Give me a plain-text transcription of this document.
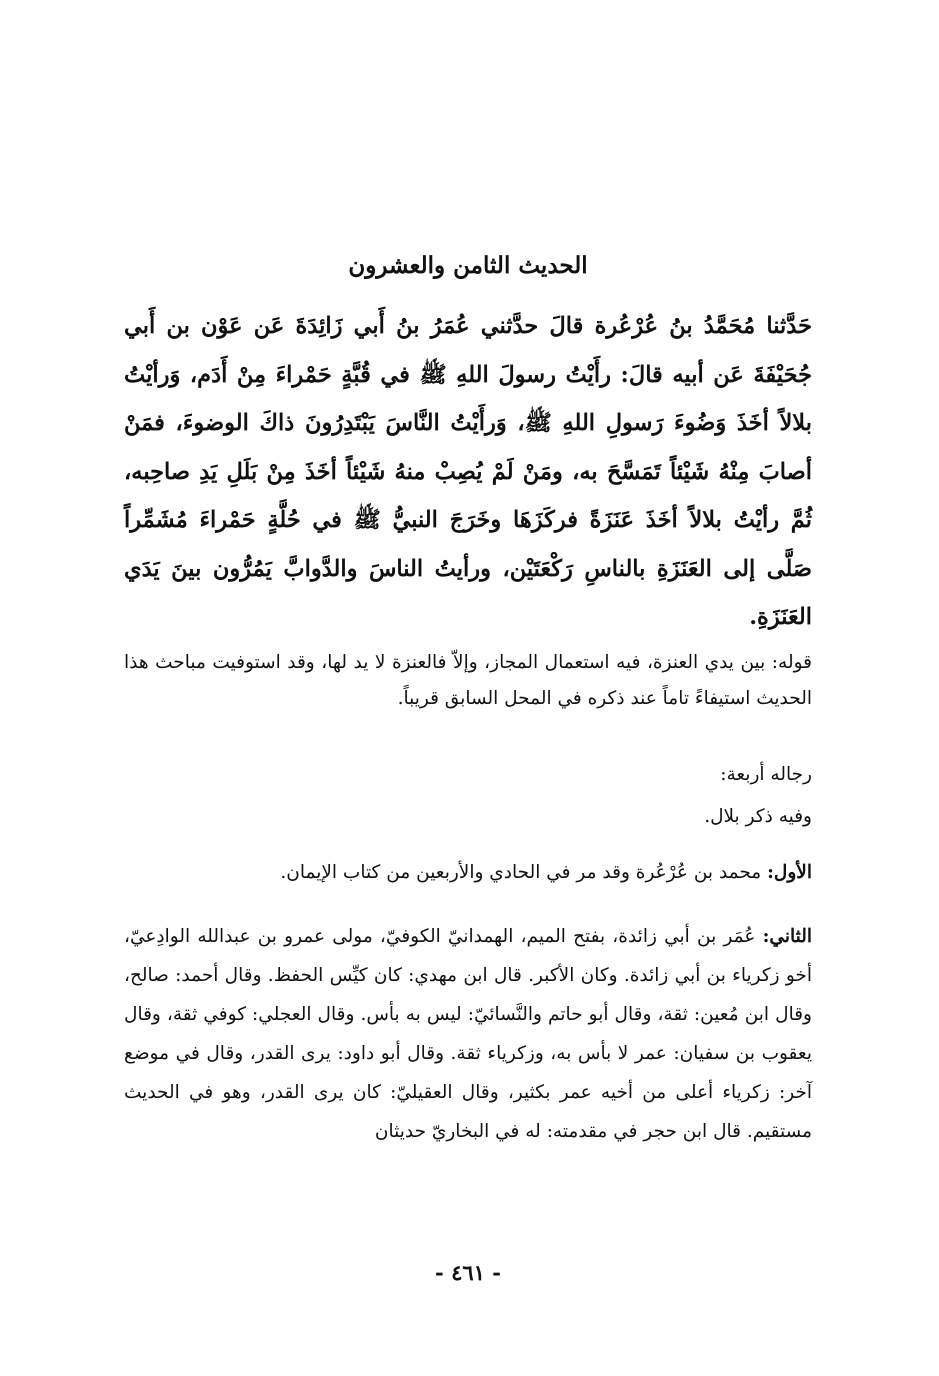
الحديث الثامن والعشرون
حَدَّثنا مُحَمَّدُ بنُ عُرْعُرة قالَ حدَّثني عُمَرُ بنُ أَبي زَائِدَةَ عَن عَوْن بن أَبي جُحَيْفَةَ عَن أبيه قالَ: رأَيْتُ رسولَ اللهِ ﷺ في قُبَّةٍ حَمْراءَ مِنْ أَدَم، وَرأيْتُ بلالاً أخَذَ وَضُوءَ رَسولِ اللهِ ﷺ، وَرأَيْتُ النَّاسَ يَبْتَدِرُونَ ذاكَ الوضوءَ، فمَنْ أصابَ مِنْهُ شَيْئاً تَمَسَّحَ به، ومَنْ لَمْ يُصِبْ منهُ شَيْئاً أخَذَ مِنْ بَلَلِ يَدِ صاحِبه، ثُمَّ رأيْتُ بلالاً أخَذَ عَنَزَةً فركَزَهَا وخَرَجَ النبيُّ ﷺ في حُلَّةٍ حَمْراءَ مُشَمِّراً صَلَّى إلى العَنَزَةِ بالناسِ رَكْعَتَيْن، ورأيتُ الناسَ والدَّوابَّ يَمُرُّون بينَ يَدَي العَنَزَةِ.
قوله: بين يدي العنزة، فيه استعمال المجاز، وإلاّ فالعنزة لا يد لها، وقد استوفيت مباحث هذا الحديث استيفاءً تاماً عند ذكره في المحل السابق قريباً.
رجاله أربعة:
وفيه ذكر بلال.
الأول: محمد بن عُرْعُرة وقد مر في الحادي والأربعين من كتاب الإيمان.
الثاني: عُمَر بن أبي زائدة، بفتح الميم، الهمدانيّ الكوفيّ، مولى عمرو بن عبدالله الوادِعيّ، أخو زكرياء بن أبي زائدة. وكان الأكبر. قال ابن مهدي: كان كيِّس الحفظ. وقال أحمد: صالح، وقال ابن مُعين: ثقة، وقال أبو حاتم والنَّسائيّ: ليس به بأس. وقال العجلي: كوفي ثقة، وقال يعقوب بن سفيان: عمر لا بأس به، وزكرياء ثقة. وقال أبو داود: يرى القدر، وقال في موضع آخر: زكرياء أعلى من أخيه عمر بكثير، وقال العقيليّ: كان يرى القدر، وهو في الحديث مستقيم. قال ابن حجر في مقدمته: له في البخاريّ حديثان
- ٤٦١ -
